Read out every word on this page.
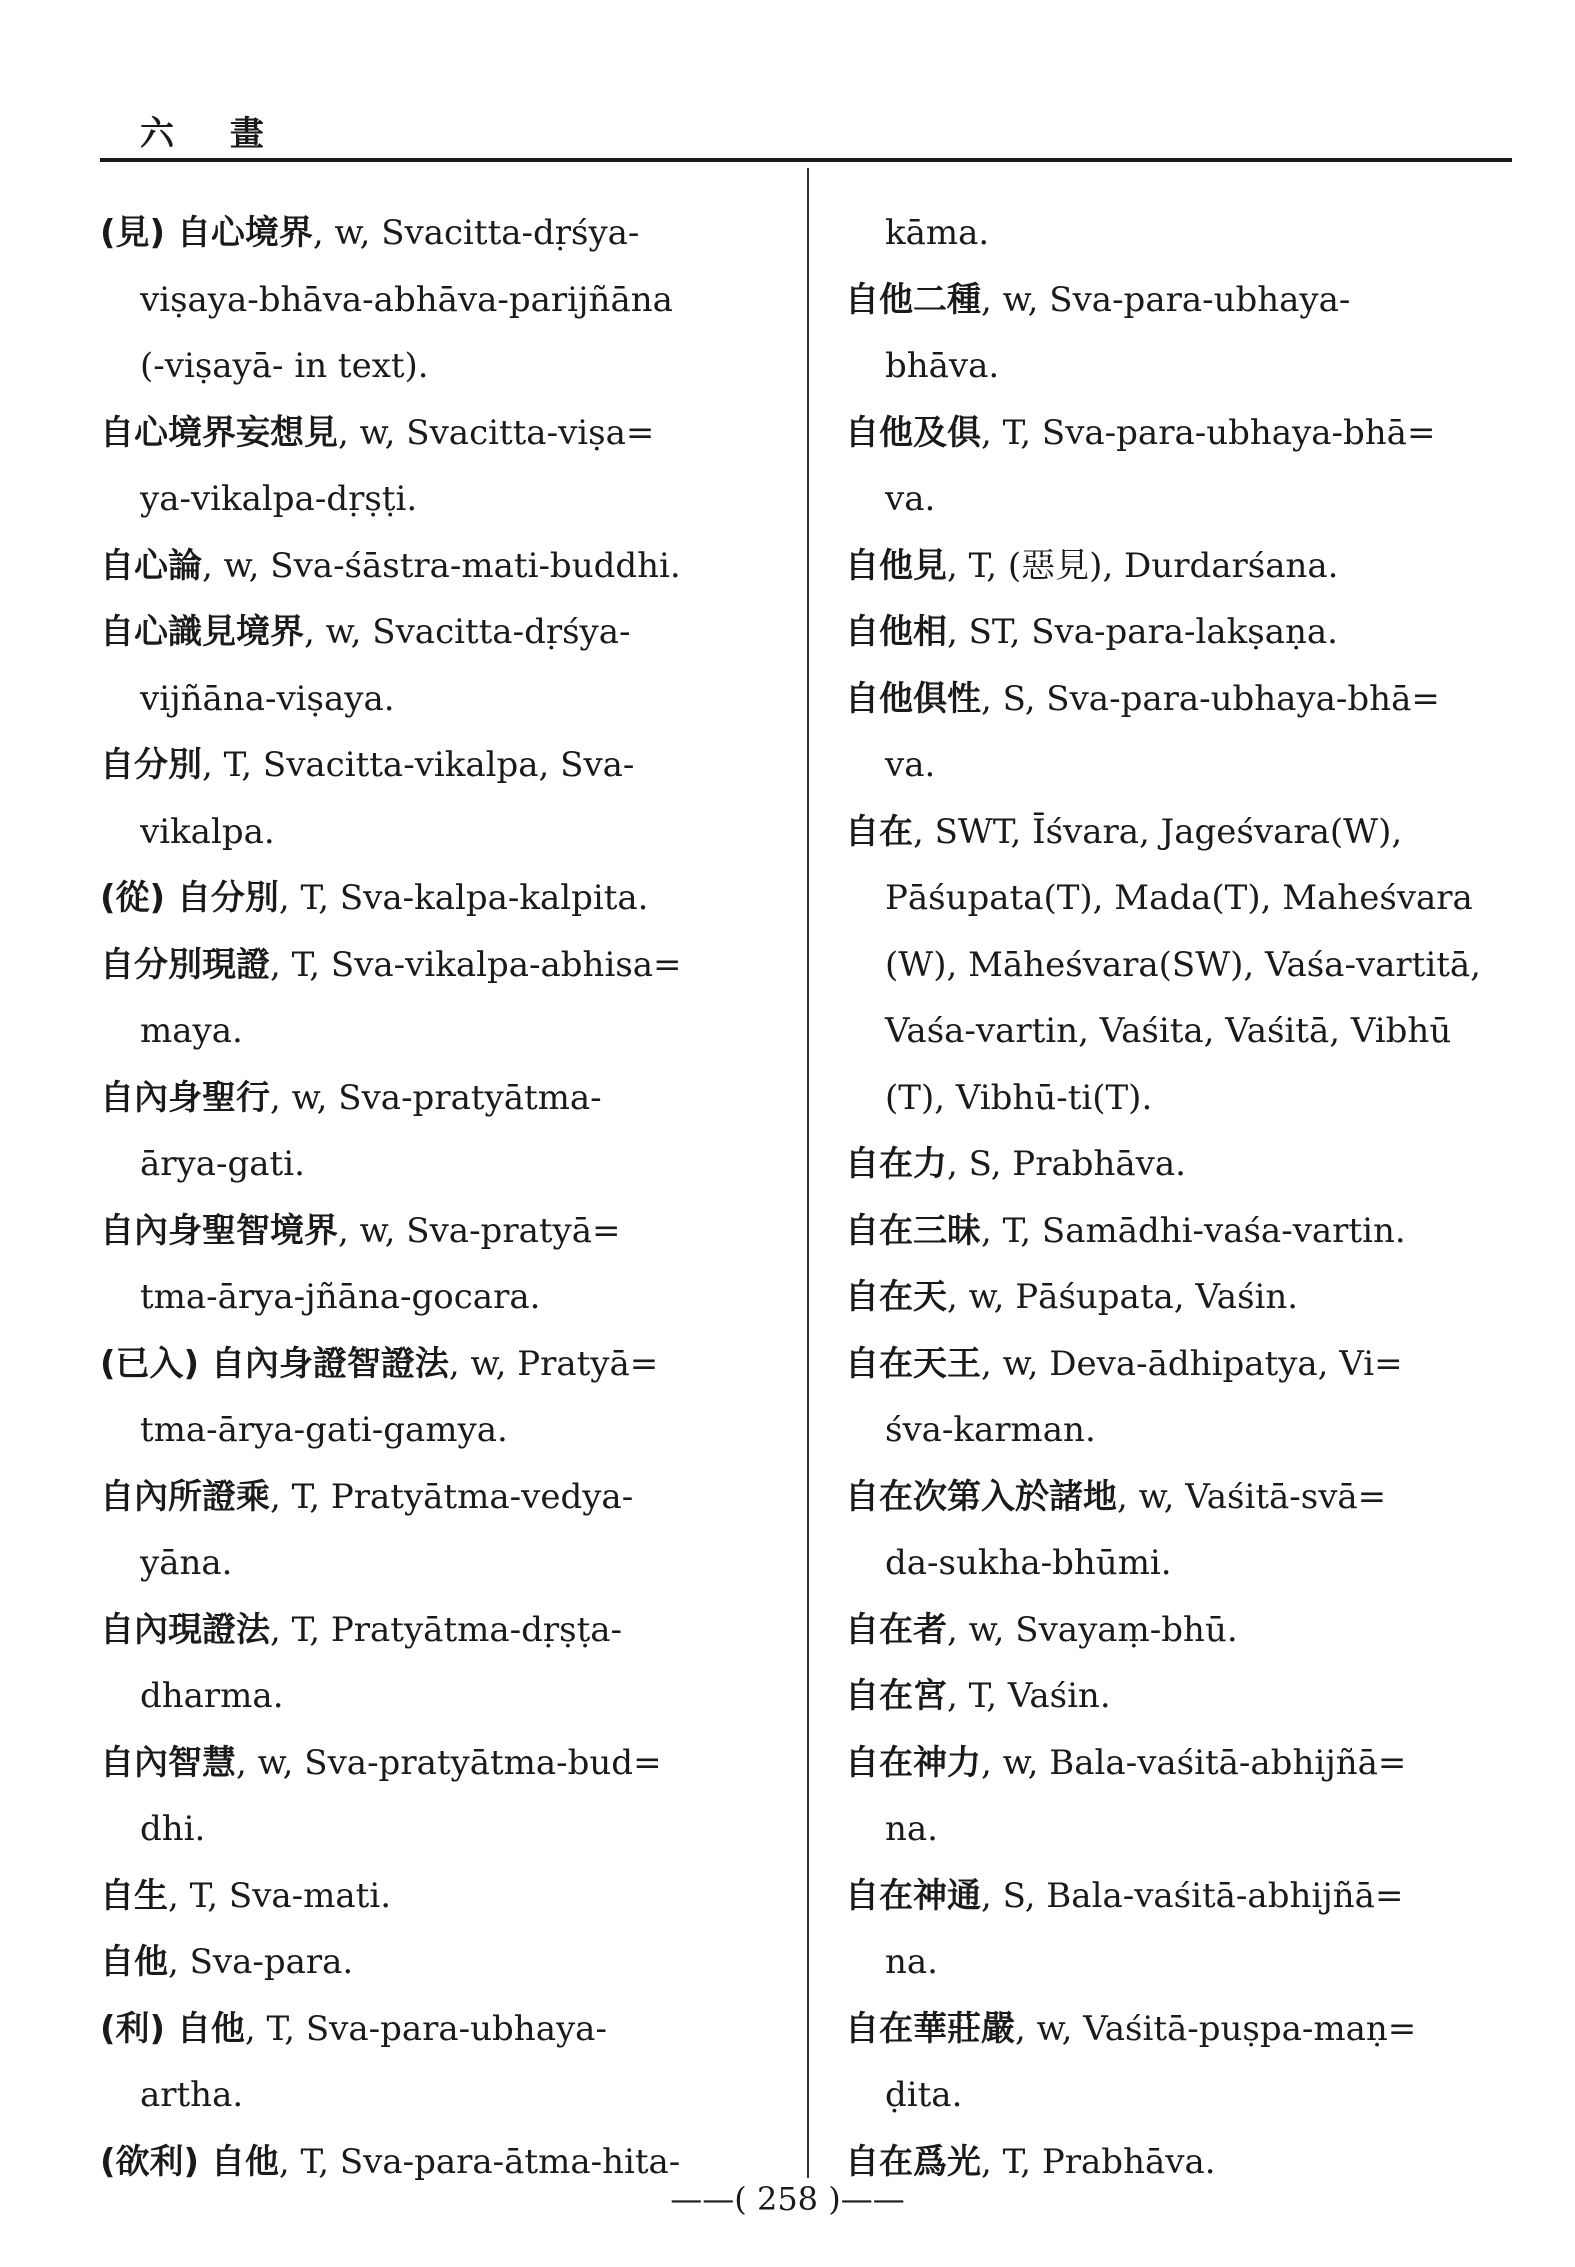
六 畫
(見) 自心境界, w, Svacitta-dṛśya-
viṣaya-bhāva-abhāva-parijñāna
(-viṣayā- in text).
自心境界妄想見, w, Svacitta-viṣa=
ya-vikalpa-dṛṣṭi.
自心論, w, Sva-śāstra-mati-buddhi.
自心識見境界, w, Svacitta-dṛśya-
vijñāna-viṣaya.
自分別, T, Svacitta-vikalpa, Sva-
vikalpa.
(從) 自分別, T, Sva-kalpa-kalpita.
自分別現證, T, Sva-vikalpa-abhisa=
maya.
自內身聖行, w, Sva-pratyātma-
ārya-gati.
自內身聖智境界, w, Sva-pratyā=
tma-ārya-jñāna-gocara.
(已入) 自內身證智證法, w, Pratyā=
tma-ārya-gati-gamya.
自內所證乘, T, Pratyātma-vedya-
yāna.
自內現證法, T, Pratyātma-dṛṣṭa-
dharma.
自內智慧, w, Sva-pratyātma-bud=
dhi.
自生, T, Sva-mati.
自他, Sva-para.
(利) 自他, T, Sva-para-ubhaya-
artha.
(欲利) 自他, T, Sva-para-ātma-hita-
kāma.
自他二種, w, Sva-para-ubhaya-
bhāva.
自他及俱, T, Sva-para-ubhaya-bhā=
va.
自他見, T, (惡見), Durdarśana.
自他相, ST, Sva-para-lakṣaṇa.
自他俱性, S, Sva-para-ubhaya-bhā=
va.
自在, SWT, Īśvara, Jageśvara(W),
Pāśupata(T), Mada(T), Maheśvara
(W), Māheśvara(SW), Vaśa-vartitā,
Vaśa-vartin, Vaśita, Vaśitā, Vibhū
(T), Vibhū-ti(T).
自在力, S, Prabhāva.
自在三昧, T, Samādhi-vaśa-vartin.
自在天, w, Pāśupata, Vaśin.
自在天王, w, Deva-ādhipatya, Vi=
śva-karman.
自在次第入於諸地, w, Vaśitā-svā=
da-sukha-bhūmi.
自在者, w, Svayaṃ-bhū.
自在宮, T, Vaśin.
自在神力, w, Bala-vaśitā-abhijñā=
na.
自在神通, S, Bala-vaśitā-abhijñā=
na.
自在華莊嚴, w, Vaśitā-puṣpa-maṇ=
ḍita.
自在爲光, T, Prabhāva.
——( 258 )——
